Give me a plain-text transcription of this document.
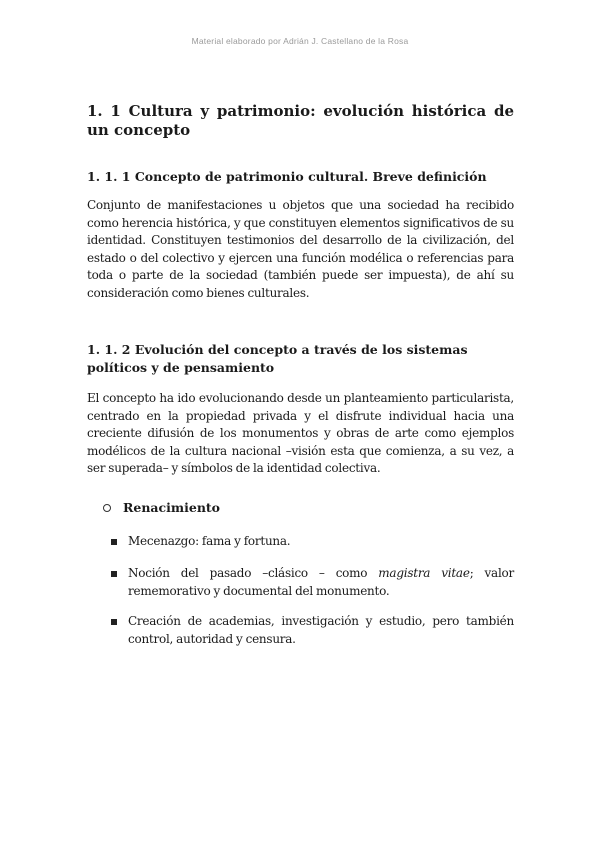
Material elaborado por Adrián J. Castellano de la Rosa
1. 1 Cultura y patrimonio: evolución histórica de un concepto
1. 1. 1 Concepto de patrimonio cultural. Breve definición

Conjunto de manifestaciones u objetos que una sociedad ha recibido como herencia histórica, y que constituyen elementos significativos de su identidad. Constituyen testimonios del desarrollo de la civilización, del estado o del colectivo y ejercen una función modélica o referencias para toda o parte de la sociedad (también puede ser impuesta), de ahí su consideración como bienes culturales.

1. 1. 2 Evolución del concepto a través de los sistemas políticos y de pensamiento

El concepto ha ido evolucionando desde un planteamiento particularista, centrado en la propiedad privada y el disfrute individual hacia una creciente difusión de los monumentos y obras de arte como ejemplos modélicos de la cultura nacional –visión esta que comienza, a su vez, a ser superada– y símbolos de la identidad colectiva.

Renacimiento
Mecenazgo: fama y fortuna.
Noción del pasado –clásico – como magistra vitae; valor rememorativo y documental del monumento.
Creación de academias, investigación y estudio, pero también control, autoridad y censura.
